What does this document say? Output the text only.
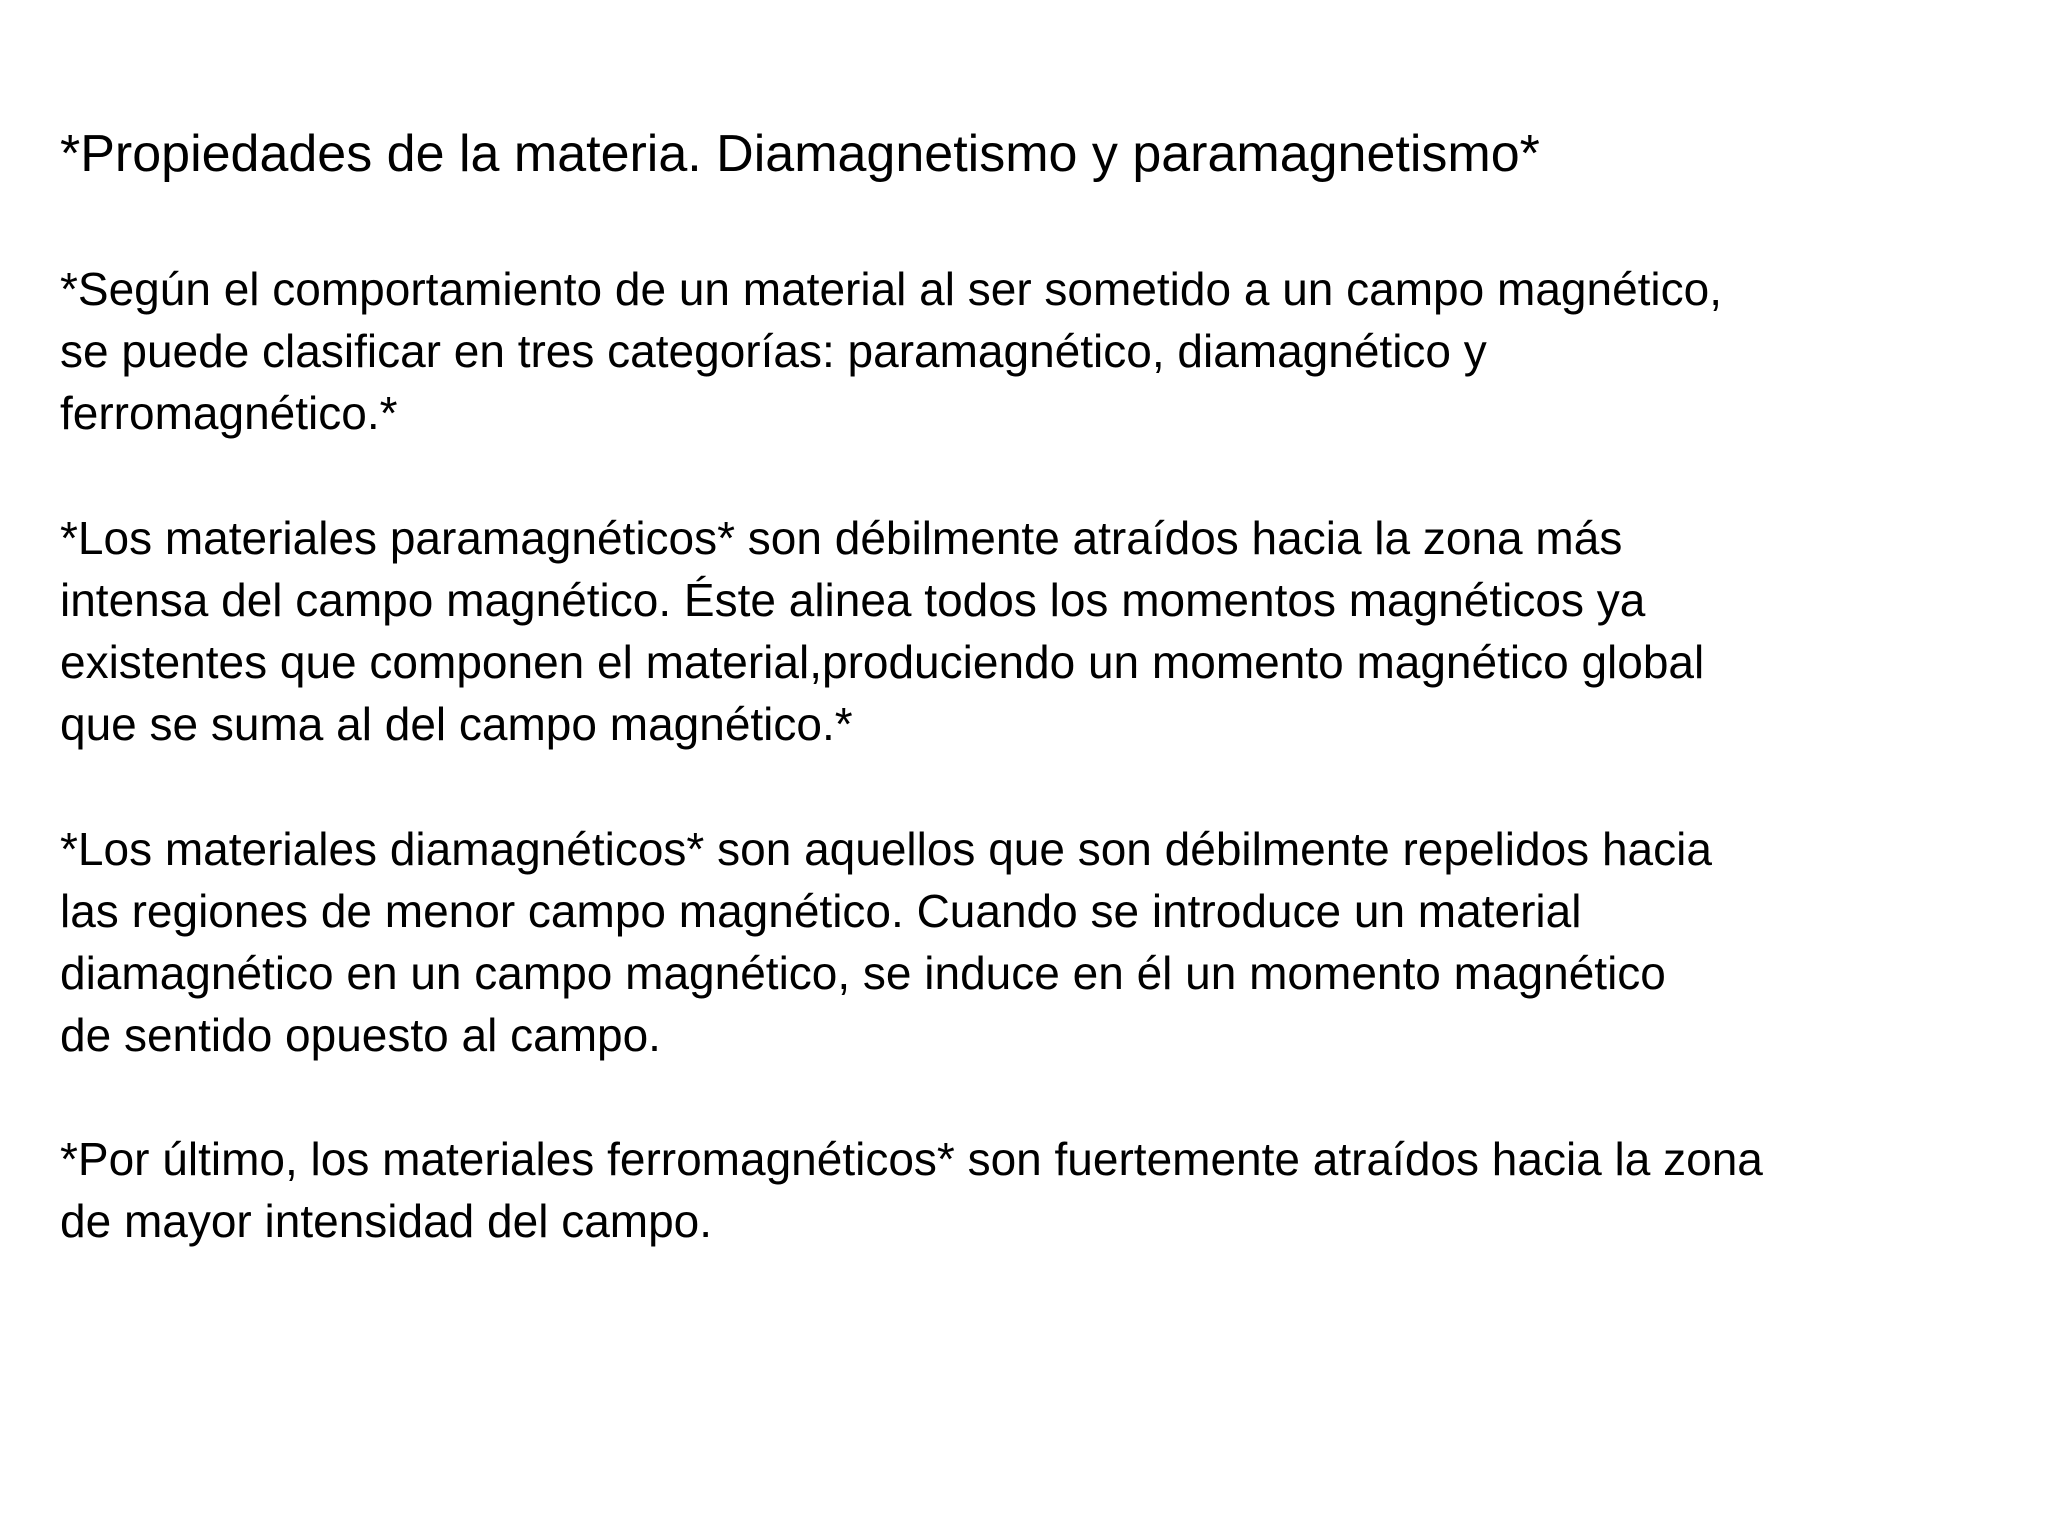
*Propiedades de la materia. Diamagnetismo y paramagnetismo*

*Según el comportamiento de un material al ser sometido a un campo magnético,
se puede clasificar en tres categorías: paramagnético, diamagnético y
ferromagnético.*

*Los materiales paramagnéticos* son débilmente atraídos hacia la zona más
intensa del campo magnético. Éste alinea todos los momentos magnéticos ya
existentes que componen el material,produciendo un momento magnético global
que se suma al del campo magnético.*

*Los materiales diamagnéticos* son aquellos que son débilmente repelidos hacia
las regiones de menor campo magnético. Cuando se introduce un material
diamagnético en un campo magnético, se induce en él un momento magnético
de sentido opuesto al campo.

*Por último, los materiales ferromagnéticos* son fuertemente atraídos hacia la zona
de mayor intensidad del campo.
